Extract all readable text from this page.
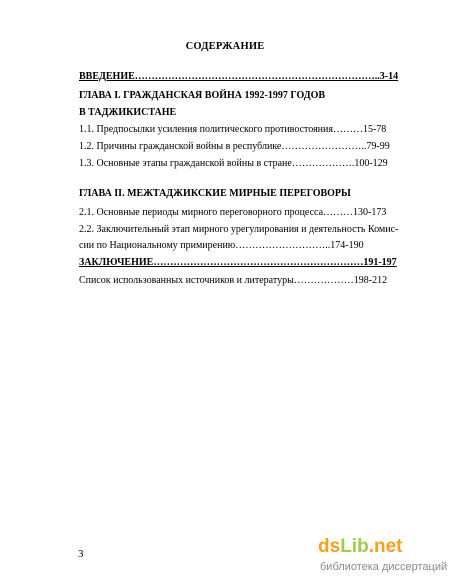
СОДЕРЖАНИЕ
ВВЕДЕНИЕ………………………………………………………………..3-14
ГЛАВА I. ГРАЖДАНСКАЯ ВОЙНА 1992-1997 ГОДОВ
В ТАДЖИКИСТАНЕ
1.1. Предпосылки усиления политического противостояния………15-78
1.2. Причины гражданской войны в республике……………………..79-99
1.3. Основные этапы гражданской войны в стране……………….100-129
ГЛАВА II. МЕЖТАДЖИКСКИЕ МИРНЫЕ ПЕРЕГОВОРЫ
2.1. Основные периоды мирного переговорного процесса………130-173
2.2. Заключительный этап мирного урегулирования и деятельность Комис-
сии по Национальному примирению………………………..174-190
ЗАКЛЮЧЕНИЕ………………………………………………………191-197
Список использованных источников и литературы………………198-212
3	dsLib.net
библиотека диссертаций
